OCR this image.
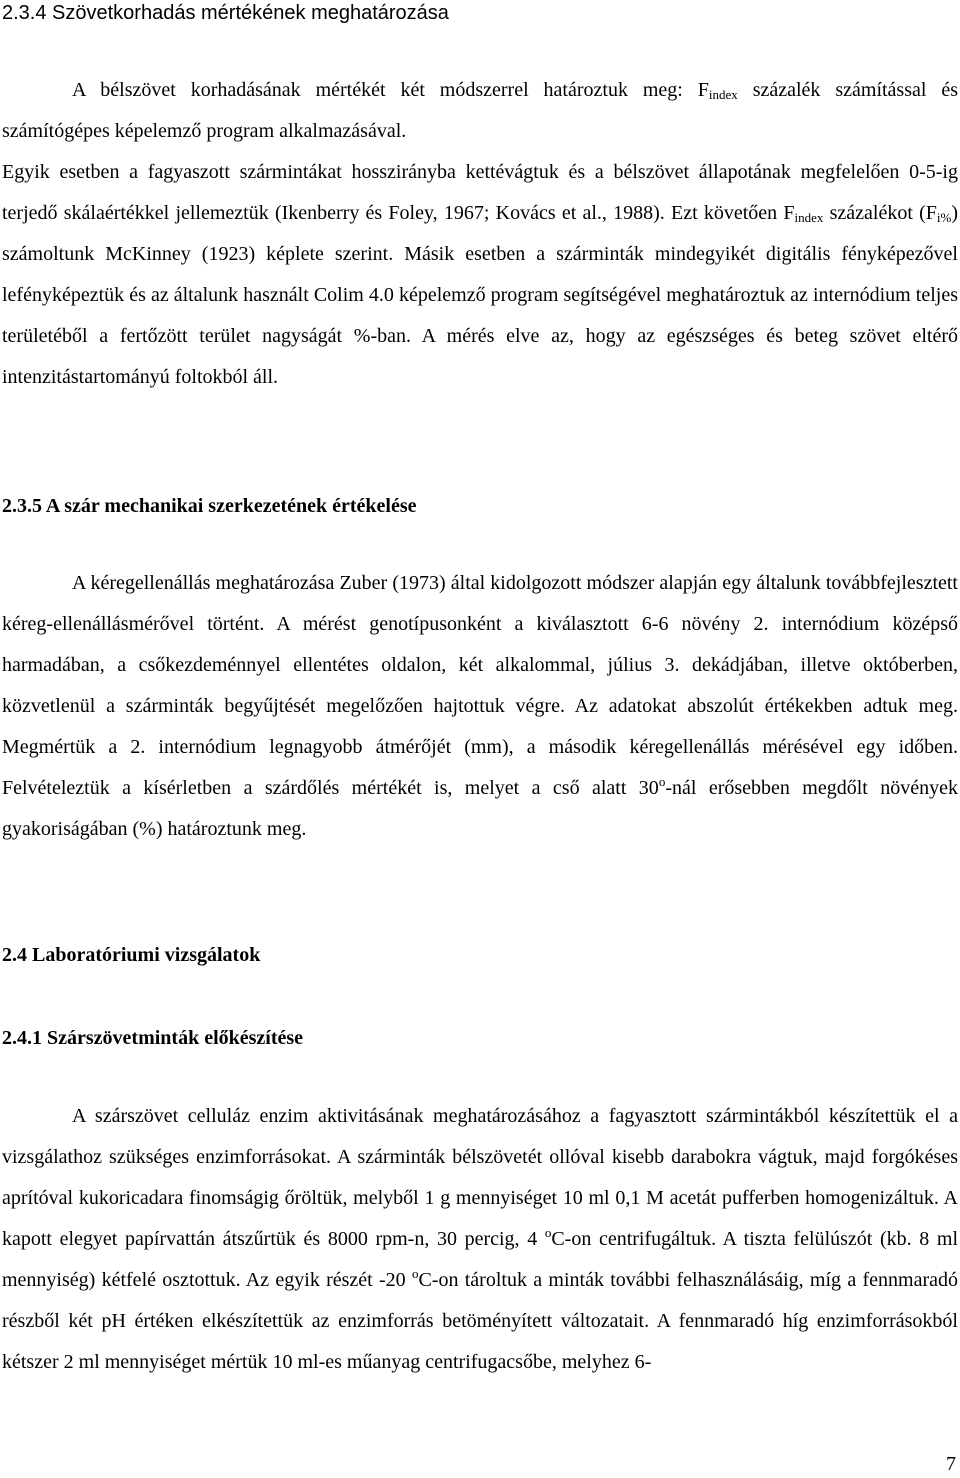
2.3.4 Szövetkorhadás mértékének meghatározása

A bélszövet korhadásának mértékét két módszerrel határoztuk meg: $F_{index}$ százalék számítással és számítógépes képelemző program alkalmazásával.

Egyik esetben a fagyaszott szármintákat hosszirányba kettévágtuk és a bélszövet állapotának megfelelően 0-5-ig terjedő skálaértékkel jellemeztük (Ikenberry és Foley, 1967; Kovács et al., 1988). Ezt követően $F_{index}$ százalékot $(F_{i\%})$ számoltunk McKinney (1923) képlete szerint. Másik esetben a szárminták mindegyikét digitális fényképezővel lefényképeztük és az általunk használt Colim 4.0 képelemző program segítségével meghatároztuk az internódium teljes területéből a fertőzött terület nagyságát %-ban. A mérés elve az, hogy az egészséges és beteg szövet eltérő intenzitástartományú foltokból áll.

2.3.5 A szár mechanikai szerkezetének értékelése

A kéregellenállás meghatározása Zuber (1973) által kidolgozott módszer alapján egy általunk továbbfejlesztett kéreg-ellenállásmérővel történt. A mérést genotípusonként a kiválasztott 6-6 növény 2. internódium középső harmadában, a csőkezdeménnyel ellentétes oldalon, két alkalommal, július 3. dekádjában, illetve októberben, közvetlenül a szárminták begyűjtését megelőzően hajtottuk végre. Az adatokat abszolút értékekben adtuk meg. Megmértük a 2. internódium legnagyobb átmérőjét (mm), a második kéregellenállás mérésével egy időben. Felvételeztük a kísérletben a szárdőlés mértékét is, melyet a cső alatt 30$^o$-nál erősebben megdőlt növények gyakoriságában (%) határoztunk meg.

2.4 Laboratóriumi vizsgálatok
2.4.1 Szárszövetminták előkészítése

A szárszövet celluláz enzim aktivitásának meghatározásához a fagyasztott szármintákból készítettük el a vizsgálathoz szükséges enzimforrásokat. A szárminták bélszövetét ollóval kisebb darabokra vágtuk, majd forgókéses aprítóval kukoricadara finomságig őröltük, melyből 1 g mennyiséget 10 ml 0,1 M acetát pufferben homogenizáltuk. A kapott elegyet papírvattán átszűrtük és 8000 rpm-n, 30 percig, 4 $^o$C-on centrifugáltuk. A tiszta felülúszót (kb. 8 ml mennyiség) kétfelé osztottuk. Az egyik részét -20 $^o$C-on tároltuk a minták további felhasználásáig, míg a fennmaradó részből két pH értéken elkészítettük az enzimforrás betöményített változatait. A fennmaradó híg enzimforrásokból kétszer 2 ml mennyiséget mértük 10 ml-es műanyag centrifugacsőbe, melyhez 6-

7
